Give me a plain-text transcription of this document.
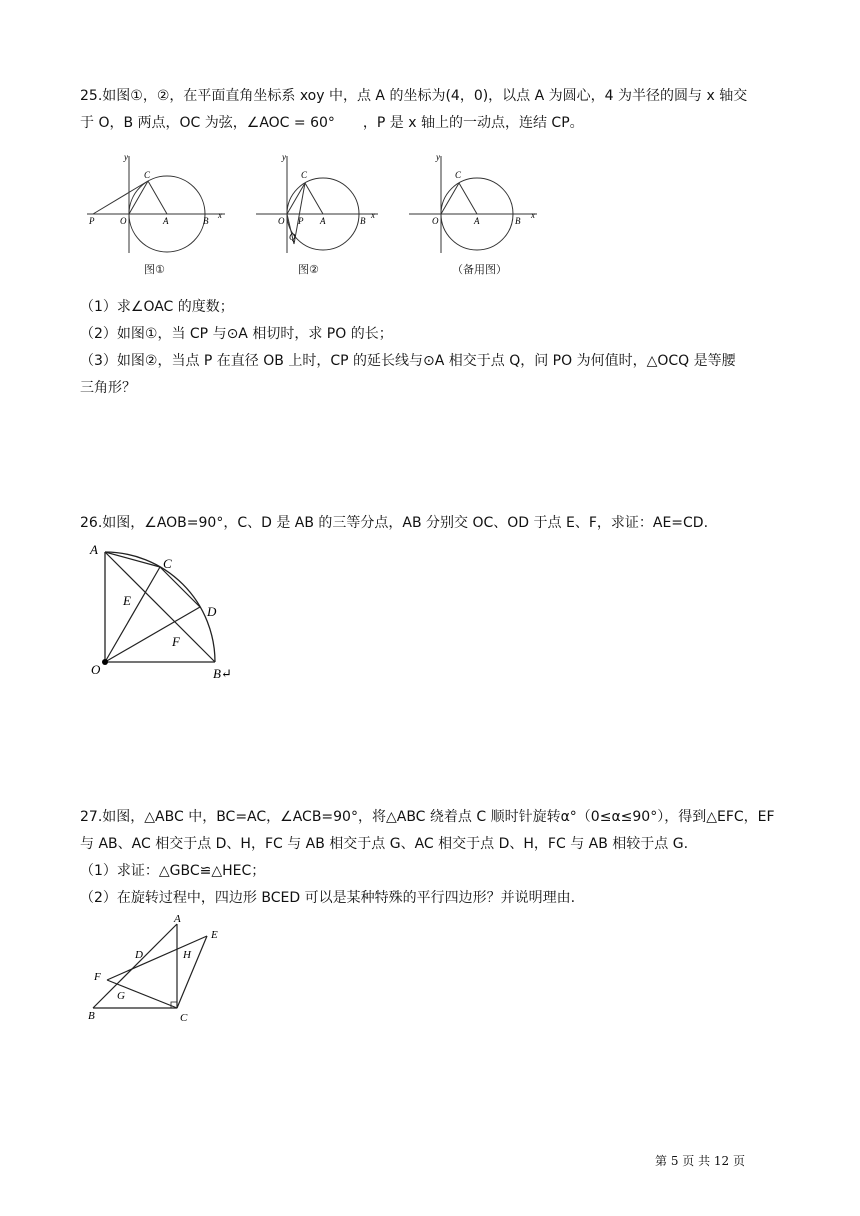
25.如图①，②，在平面直角坐标系 xoy 中，点 A 的坐标为(4，0)，以点 A 为圆心，4 为半径的圆与 x 轴交
于 O，B 两点，OC 为弦，∠AOC = 60°　　，P 是 x 轴上的一动点，连结 CP。
y
x
O	A	B
C
P
图①
y
x
O P A	B
C
Q
图②
y
x
O	A	B
C
（备用图）
（1）求∠OAC 的度数；
（2）如图①，当 CP 与⊙A 相切时，求 PO 的长；
（3）如图②，当点 P 在直径 OB 上时，CP 的延长线与⊙A 相交于点 Q，问 PO 为何值时，△OCQ 是等腰
三角形？
26.如图，∠AOB=90°，C、D 是 AB 的三等分点，AB 分别交 OC、OD 于点 E、F，求证：AE=CD.
A
C
E
D
F
O	B↵
27.如图，△ABC 中，BC=AC，∠ACB=90°，将△ABC 绕着点 C 顺时针旋转α°（0≤α≤90°），得到△EFC，EF
与 AB、AC 相交于点 D、H，FC 与 AB 相交于点 G、AC 相交于点 D、H，FC 与 AB 相较于点 G.
（1）求证：△GBC≌△HEC；
（2）在旋转过程中，四边形 BCED 可以是某种特殊的平行四边形？并说明理由.
A
E
D	H
F
G
B	C
第 5 页 共 12 页
